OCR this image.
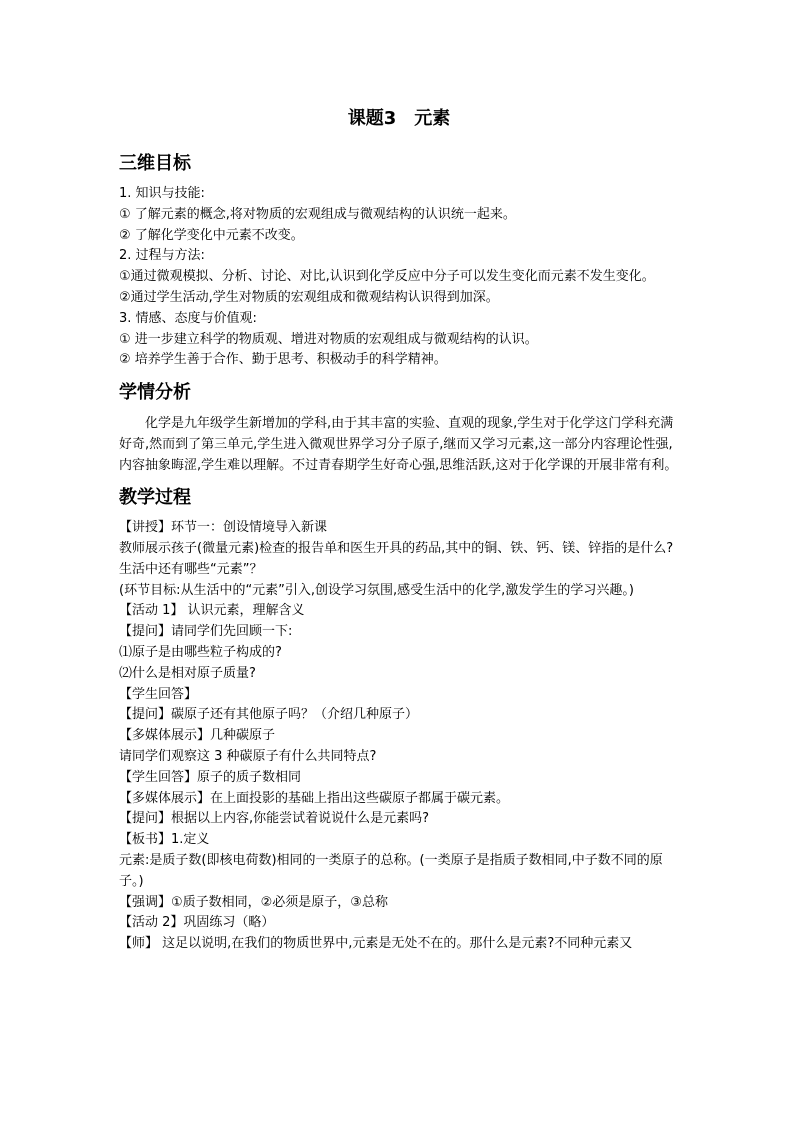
课题3　元素
三维目标

1. 知识与技能:

① 了解元素的概念,将对物质的宏观组成与微观结构的认识统一起来。

② 了解化学变化中元素不改变。

2. 过程与方法:

①通过微观模拟、分析、讨论、对比,认识到化学反应中分子可以发生变化而元素不发生变化。

②通过学生活动,学生对物质的宏观组成和微观结构认识得到加深。

3. 情感、态度与价值观:

① 进一步建立科学的物质观、增进对物质的宏观组成与微观结构的认识。

② 培养学生善于合作、勤于思考、积极动手的科学精神。

学情分析

化学是九年级学生新增加的学科,由于其丰富的实验、直观的现象,学生对于化学这门学科充满好奇,然而到了第三单元,学生进入微观世界学习分子原子,继而又学习元素,这一部分内容理论性强,内容抽象晦涩,学生难以理解。不过青春期学生好奇心强,思维活跃,这对于化学课的开展非常有利。

教学过程

【讲授】环节一：创设情境导入新课

教师展示孩子(微量元素)检查的报告单和医生开具的药品,其中的铜、铁、钙、镁、锌指的是什么?生活中还有哪些“元素”？

(环节目标:从生活中的“元素”引入,创设学习氛围,感受生活中的化学,激发学生的学习兴趣。)

【活动 1】 认识元素，理解含义

【提问】请同学们先回顾一下:

⑴原子是由哪些粒子构成的?

⑵什么是相对原子质量?

【学生回答】

【提问】碳原子还有其他原子吗？（介绍几种原子）

【多媒体展示】几种碳原子

请同学们观察这 3 种碳原子有什么共同特点?

【学生回答】原子的质子数相同

【多媒体展示】在上面投影的基础上指出这些碳原子都属于碳元素。

【提问】根据以上内容,你能尝试着说说什么是元素吗?

【板书】1.定义

元素:是质子数(即核电荷数)相同的一类原子的总称。(一类原子是指质子数相同,中子数不同的原子。)

【强调】①质子数相同，②必须是原子，③总称

【活动 2】巩固练习（略）

【师】 这足以说明,在我们的物质世界中,元素是无处不在的。那什么是元素?不同种元素又
